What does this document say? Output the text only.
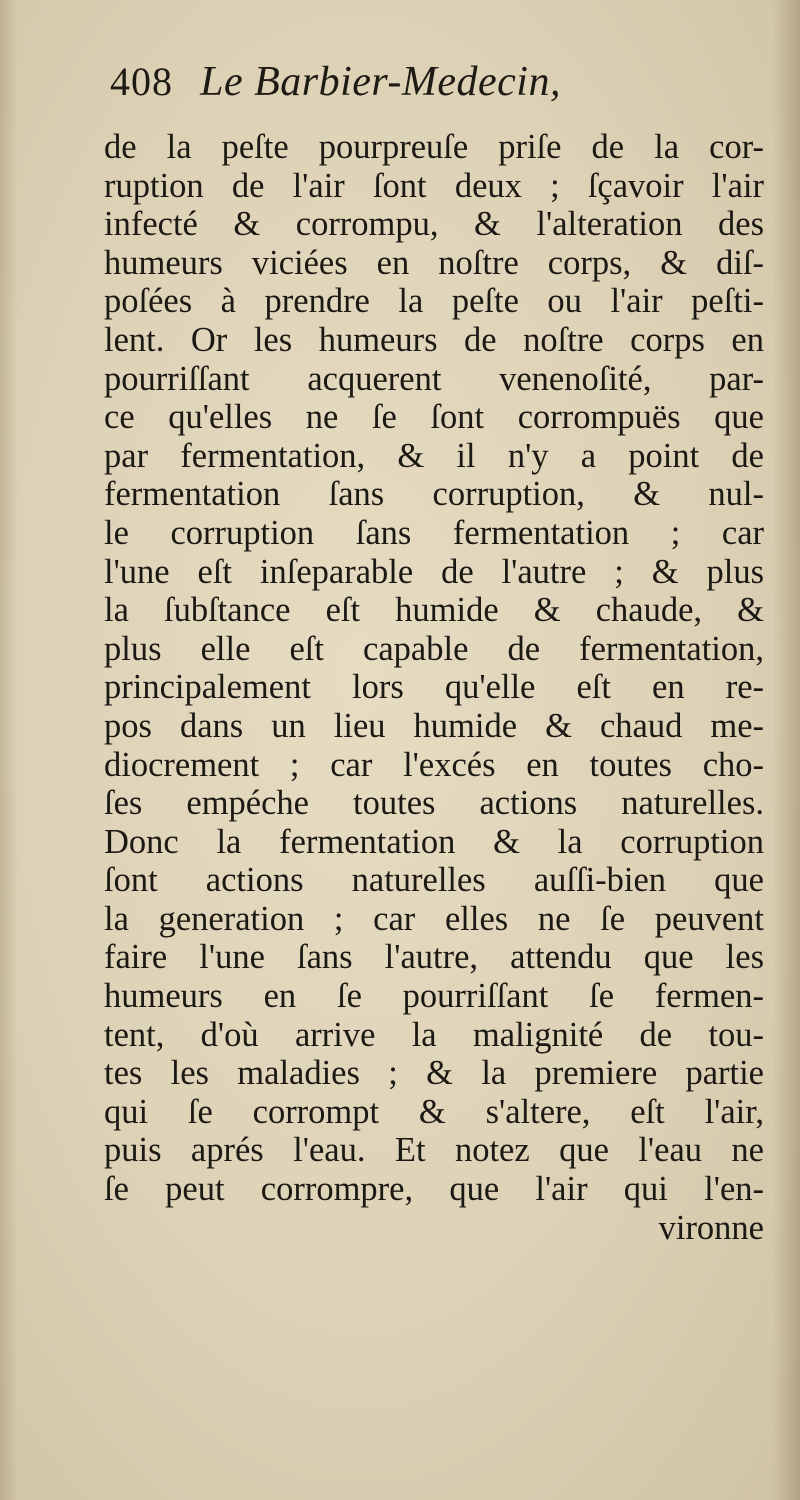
408 Le Barbier-Medecin,
de la peſte pourpreuſe priſe de la cor-
ruption de l'air ſont deux ; ſçavoir l'air
infecté & corrompu, & l'alteration des
humeurs viciées en noſtre corps, & diſ-
poſées à prendre la peſte ou l'air peſti-
lent. Or les humeurs de noſtre corps en
pourriſſant acquerent venenoſité, par-
ce qu'elles ne ſe ſont corrompuës que
par fermentation, & il n'y a point de
fermentation ſans corruption, & nul-
le corruption ſans fermentation ; car
l'une eſt inſeparable de l'autre ; & plus
la ſubſtance eſt humide & chaude, &
plus elle eſt capable de fermentation,
principalement lors qu'elle eſt en re-
pos dans un lieu humide & chaud me-
diocrement ; car l'excés en toutes cho-
ſes empéche toutes actions naturelles.
Donc la fermentation & la corruption
ſont actions naturelles auſſi-bien que
la generation ; car elles ne ſe peuvent
faire l'une ſans l'autre, attendu que les
humeurs en ſe pourriſſant ſe fermen-
tent, d'où arrive la malignité de tou-
tes les maladies ; & la premiere partie
qui ſe corrompt & s'altere, eſt l'air,
puis aprés l'eau. Et notez que l'eau ne
ſe peut corrompre, que l'air qui l'en-
vironne
